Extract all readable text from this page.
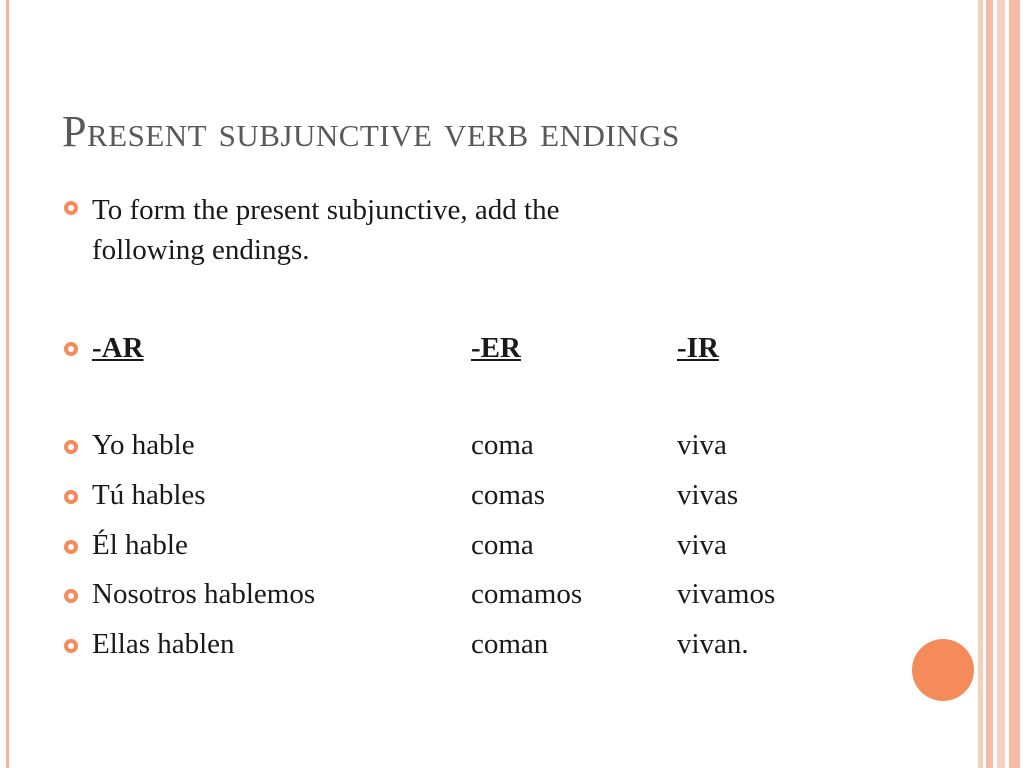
Present subjunctive verb endings
To form the present subjunctive, add the
following endings.
-AR	-ER	-IR
Yo hable	coma	viva
Tú hables	comas	vivas
Él hable	coma	viva
Nosotros hablemos	comamos	vivamos
Ellas hablen	coman	vivan.
